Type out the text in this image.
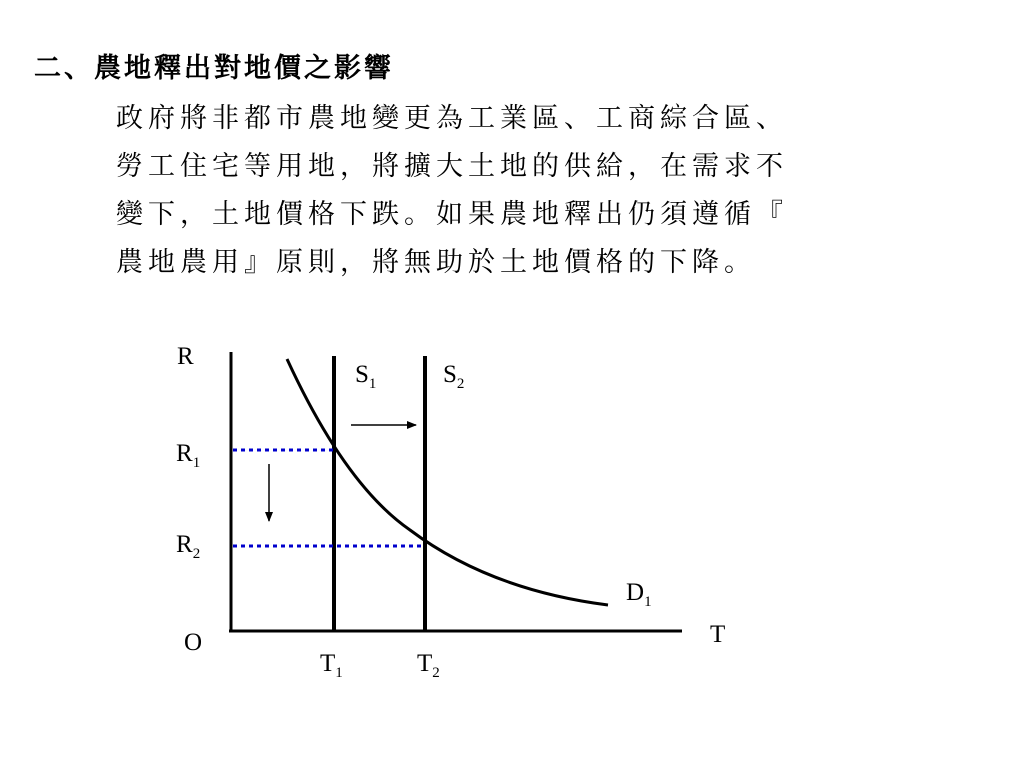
二、農地釋出對地價之影響

政府將非都市農地變更為工業區、工商綜合區、
勞工住宅等用地，將擴大土地的供給，在需求不
變下，土地價格下跌。如果農地釋出仍須遵循『
農地農用』原則，將無助於土地價格的下降。
R
T
O
$R_1$
$R_2$
$T_1$	$T_2$
$S_1$	$S_2$
$D_1$
